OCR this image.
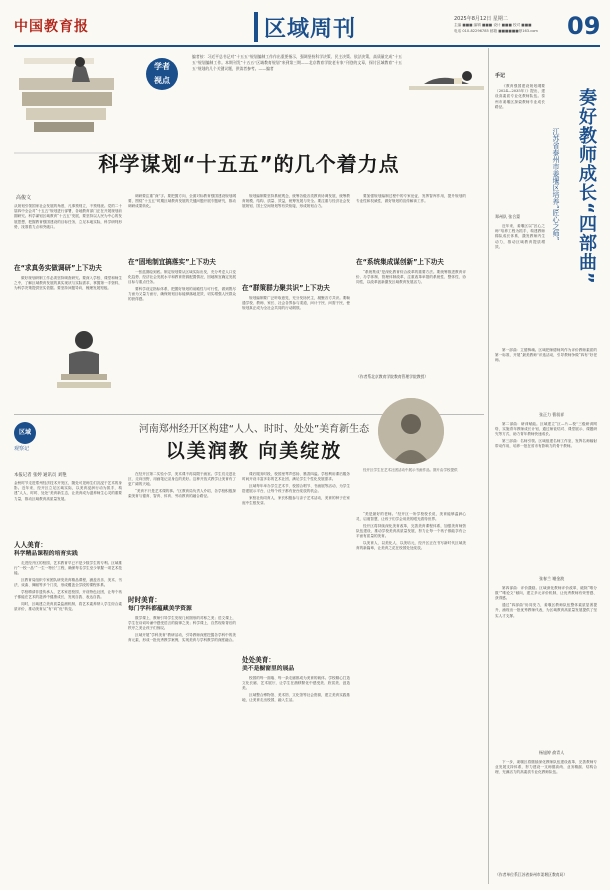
中国教育报	区域周刊	2025年8月12日 星期二
主编 ■■■ 编辑 ■■■ 设计 ■■■ 校对 ■■■
电话 010-82296785 邮箱 ■■■■■■@163.com	09
学者
视点
编者按：习近平总书记对“十五五”规划编制工作作出重要指示，强调坚持科学决策、民主决策、依法决策，高质量完成“十五五”规划编制工作。本期刊发“十五五”区域教育规划“来到第三期——北京教育学院老专家”刊登的文章，探讨区域教育“十五五”规划的几个关键议题，供读者参考。——编者
科学谋划“十五五”的几个着力点
高俊文
从规划引领国家社会发展的角度，凡事预则立，不预则废。党的二十届四中全会对“十五五”规划进行部署，各地教育部门正在开展规划前期研究。科学谋划区域教育“十五五”发展，要坚持以人民为中心的发展思想，把握教育强国建设的目标任务，立足本地实际，科学研判形势，找准着力点和突破口。
在“求真务实做调研”上下功夫

做好规划研制工作必须坚持调查研究。要深入学校、课堂和师生之中，了解区域教育发展的真实现状与实际需求，掌握第一手资料，为科学决策提供坚实依据。要坚持问题导向，梳理发展短板。

调研要注重“深”字。要把握方向，全面对标教育强国建设规划纲要，围绕“十五五”时期区域教育发展的关键问题开展专题研究，推动调研成果转化。

在“固地制宜搞落实”上下功夫

一张蓝图绘到底。制定规划要从区域实际出发，充分考虑人口变化趋势、经济社会发展水平和教育资源配置情况，因地制宜确定发展目标与重点任务。

要科学设定指标体系，把握好规划的前瞻性与可行性，做到既尽力而为又量力而行，确保规划目标能够落地见效，切实增强人民群众的获得感。

规划编制要坚持系统观念，统筹各级各类教育协调发展，统筹教育规模、结构、质量、效益，统筹发展与安全。要注重与经济社会发展规划、国土空间规划等有效衔接，形成规划合力。

在“群策群力聚共识”上下功夫

规划编制要广泛听取意见，充分发扬民主，凝聚各方共识。要畅通学校、教师、家长、社会各界参与渠道，问计于民、问需于民，使规划真正成为全社会共同的行动纲领。

要加强规划编制过程中的专家论证，发挥智库作用，提升规划的专业性和权威性，做好规划的宣传解读工作。

在“系统集成谋创新”上下功夫

“系统集成”是深化教育综合改革的重要方法。要统筹推进教育评价、办学体制、管理体制改革，注重改革举措的系统性、整体性、协同性，以改革创新激发区域教育发展活力。

（作者系北京教育学院教育管理学院教授）
区域
观察记
河南郑州经开区构建“人人、时时、处处”美育新生态
以美润教 向美绽放
本报记者 张婷 通讯员 刘艳
金秋时节走进郑州经济技术开发区，随处可见师生们沉浸于艺术的身影。近年来，经开区立足区域实际，以美育浸润行动为抓手，构建“人人、时时、处处”美育新生态，让美育成为滋养师生心灵的重要力量，推动区域教育高质量发展。
人人美育：
科学精品课程的培育实践

走进经开区的校园，艺术教育早已不是少数学生的专利。区域推行“一校一品”“一生一特长”工程，确保每名学生至少掌握一项艺术技能。

区教育局组织专家团队研发美育精品课程，涵盖音乐、美术、书法、戏曲、舞蹈等多个门类，形成覆盖全学段的课程体系。

学校聘请非遗传承人、艺术家进校园，开设特色社团，让每个孩子都能在艺术的滋养中健康成长，发现自我、表达自我。

同时，区域建立美育质量监测机制，将艺术素养纳入学生综合素质评价，推动美育从“有”向“优”转变。

在经开区第二实验小学，美术课不再局限于画室。学生们走进社区、走向田野，用画笔记录身边的美好。这种开放式教学让美育有了更广阔的天地。

“美育不只是艺术课的事。”区教育局负责人介绍，各学校积极探索美育与德育、智育、体育、劳动教育的融合路径。

时时美育：
每门学科都蕴藏美学资源

数学课上，教师引导学生发现几何图形的对称之美；语文课上，学生在诗词吟诵中感受语言的韵律之美；科学课上，自然现象背后的秩序之美让孩子们惊叹。

区域开展“学科美育”教研活动，引导教师深度挖掘各学科中的美育元素，形成一批优秀教学案例，实现美育与学科教学的深度融合。

课后服务时段，校园里琴声悠扬、墨香四溢。学校利用课后服务时间开设丰富多彩的艺术社团，满足学生个性化发展需求。

区域每年举办学生艺术节、校园合唱节、书画展等活动，为学生搭建展示平台，让每个孩子都有登台绽放的机会。

家校社协同育人，家长积极参与亲子艺术活动，美育的种子在家庭中生根发芽。

处处美育：
美不是橱窗里的展品

校园的每一面墙、每一条走廊都成为美育的载体。学校精心打造文化长廊、艺术展厅，让学生在潜移默化中感受美、欣赏美、创造美。

区域整合博物馆、美术馆、文化馆等社会资源，建立美育实践基地，让美育走出校园，融入生活。

经开区学生在艺术社团活动中展示书画作品。图片由学校提供

“美是最好的老师。”经开区一所学校校长说，美育能够温润心灵、启迪智慧，让孩子们学会用美的眼光看待世界。

经开区将持续深化美育改革，完善美育课程体系，加强美育师资队伍建设，推动学校美育高质量发展，努力让每一个孩子都能享有公平而有质量的美育。

以美育人、以美化人、以美培元，经开区正在书写新时代区域美育的新篇章，让美育之花在校园处处绽放。

手记
奏好教师成长“四部曲”
江苏省泰州市姜堰区培养“匠心之师”

《教育强国建设规划纲要（2024—2035年）》提出，建设高素质专业化教师队伍。泰州市姜堰区探索教师专业成长路径。

郑州队 张合蒙

近年来，姜堰区以“匠心之师”培养工程为抓手，构建教师梯队成长体系，激发教师内生动力，推动区域教育提质增效。

第一部曲：立德铸魂。区域把师德师风作为评价教师素质的第一标准，开展“最美教师”评选活动，引导教师争做“四有”好老师。

张正力 曹叙祥

第二部曲：研训赋能。区域建立“区—片—校”三级研训网络，实施青年教师成长计划，通过师徒结对、课堂展示、课题研究等方式，助力青年教师快速成长。

第三部曲：名师引领。区域组建名师工作室，发挥名师辐射带动作用，培养一批在省市有影响力的骨干教师。

张春兰 谢金波

第四部曲：评价激励。区域深化教师评价改革，破除“唯分数”“唯论文”倾向，建立多元评价机制，让优秀教师有荣誉感、获得感。

通过“四部曲”协同发力，姜堰区教师队伍整体素质显著提升，涌现出一批优秀教师代表，为区域教育高质量发展提供了坚实人才支撑。

杨旭婷 俞青人

下一步，姜堰区将继续深化教师队伍建设改革，完善教师专业发展支持体系，努力建设一支师德高尚、业务精湛、结构合理、充满活力的高素质专业化教师队伍。

（作者单位系江苏省泰州市姜堰区教育局）
